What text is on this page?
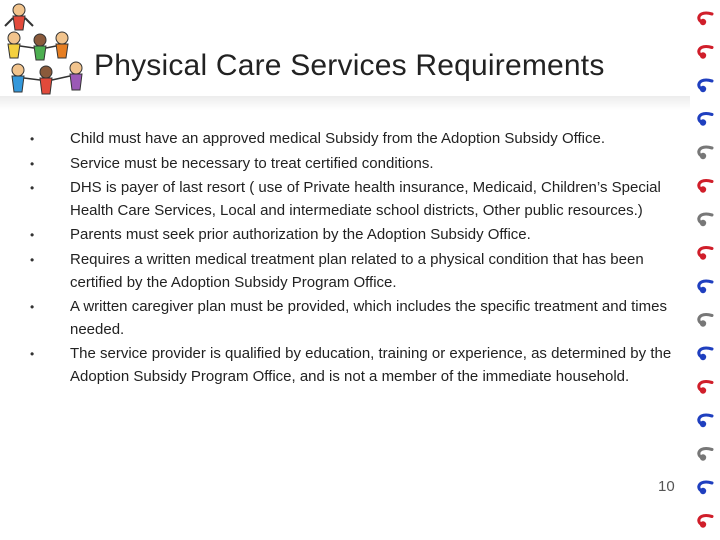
Physical Care Services Requirements
• Child must have an approved medical Subsidy from the Adoption Subsidy Office.
• Service must be necessary to treat certified conditions.
• DHS is payer of last resort ( use of Private health insurance, Medicaid, Children’s Special Health Care Services, Local and intermediate school districts, Other public resources.)
• Parents must seek prior authorization by the Adoption Subsidy Office.
• Requires a written medical treatment plan related to a physical condition that has been certified by the Adoption Subsidy Program Office.
• A written caregiver plan must be provided, which includes the specific treatment and times needed.
• The service provider is qualified by education, training or experience, as determined by the Adoption Subsidy Program Office, and is not a member of the immediate household.
10
